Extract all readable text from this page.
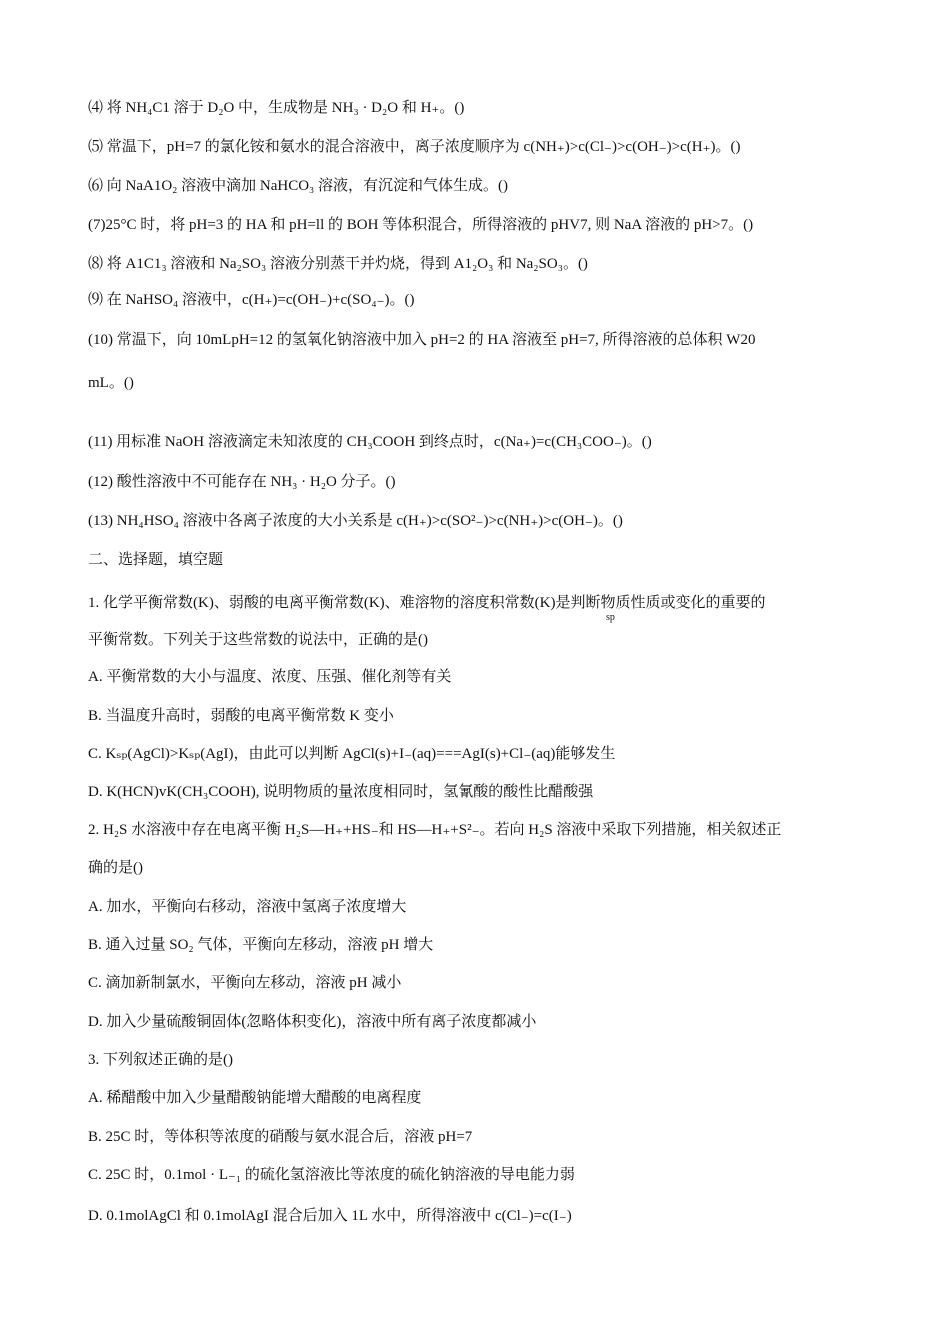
⑷ 将 NH₄C1 溶于 D₂O 中，生成物是 NH₃ · D₂O 和 H₊。()
⑸ 常温下，pH=7 的氯化铵和氨水的混合溶液中，离子浓度顺序为 c(NH₊)>c(Cl₋)>c(OH₋)>c(H₊)。()
⑹ 向 NaA1O₂ 溶液中滴加 NaHCO₃ 溶液，有沉淀和气体生成。()
(7)25°C 时，将 pH=3 的 HA 和 pH=ll 的 BOH 等体积混合，所得溶液的 pHV7, 则 NaA 溶液的 pH>7。()
⑻ 将 A1C1₃ 溶液和 Na₂SO₃ 溶液分别蒸干并灼烧，得到 A1₂O₃ 和 Na₂SO₃。()
⑼ 在 NaHSO₄ 溶液中，c(H₊)=c(OH₋)+c(SO₄₋)。()
(10) 常温下，向 10mLpH=12 的氢氧化钠溶液中加入 pH=2 的 HA 溶液至 pH=7, 所得溶液的总体积 W20
mL。()
(11) 用标准 NaOH 溶液滴定未知浓度的 CH₃COOH 到终点时，c(Na₊)=c(CH₃COO₋)。()
(12) 酸性溶液中不可能存在 NH₃ · H₂O 分子。()
(13) NH₄HSO₄ 溶液中各离子浓度的大小关系是 c(H₊)>c(SO²₋)>c(NH₊)>c(OH₋)。()
二、选择题，填空题
1. 化学平衡常数(K)、弱酸的电离平衡常数(K)、难溶物的溶度积常数(K)是判断物质性质或变化的重要的
sp
平衡常数。下列关于这些常数的说法中，正确的是()
A. 平衡常数的大小与温度、浓度、压强、催化剂等有关
B. 当温度升高时，弱酸的电离平衡常数 K 变小
C. Kₛₚ(AgCl)>Kₛₚ(AgI)，由此可以判断 AgCl(s)+I₋(aq)===AgI(s)+Cl₋(aq)能够发生
D. K(HCN)vK(CH₃COOH), 说明物质的量浓度相同时，氢氰酸的酸性比醋酸强
2. H₂S 水溶液中存在电离平衡 H₂S—H₊+HS₋和 HS—H₊+S²₋。若向 H₂S 溶液中采取下列措施，相关叙述正
确的是()
A. 加水，平衡向右移动，溶液中氢离子浓度增大
B. 通入过量 SO₂ 气体，平衡向左移动，溶液 pH 增大
C. 滴加新制氯水，平衡向左移动，溶液 pH 减小
D. 加入少量硫酸铜固体(忽略体积变化)，溶液中所有离子浓度都减小
3. 下列叙述正确的是()
A. 稀醋酸中加入少量醋酸钠能增大醋酸的电离程度
B. 25C 时，等体积等浓度的硝酸与氨水混合后，溶液 pH=7
C. 25C 时，0.1mol · L₋₁ 的硫化氢溶液比等浓度的硫化钠溶液的导电能力弱
D. 0.1molAgCl 和 0.1molAgI 混合后加入 1L 水中，所得溶液中 c(Cl₋)=c(I₋)
